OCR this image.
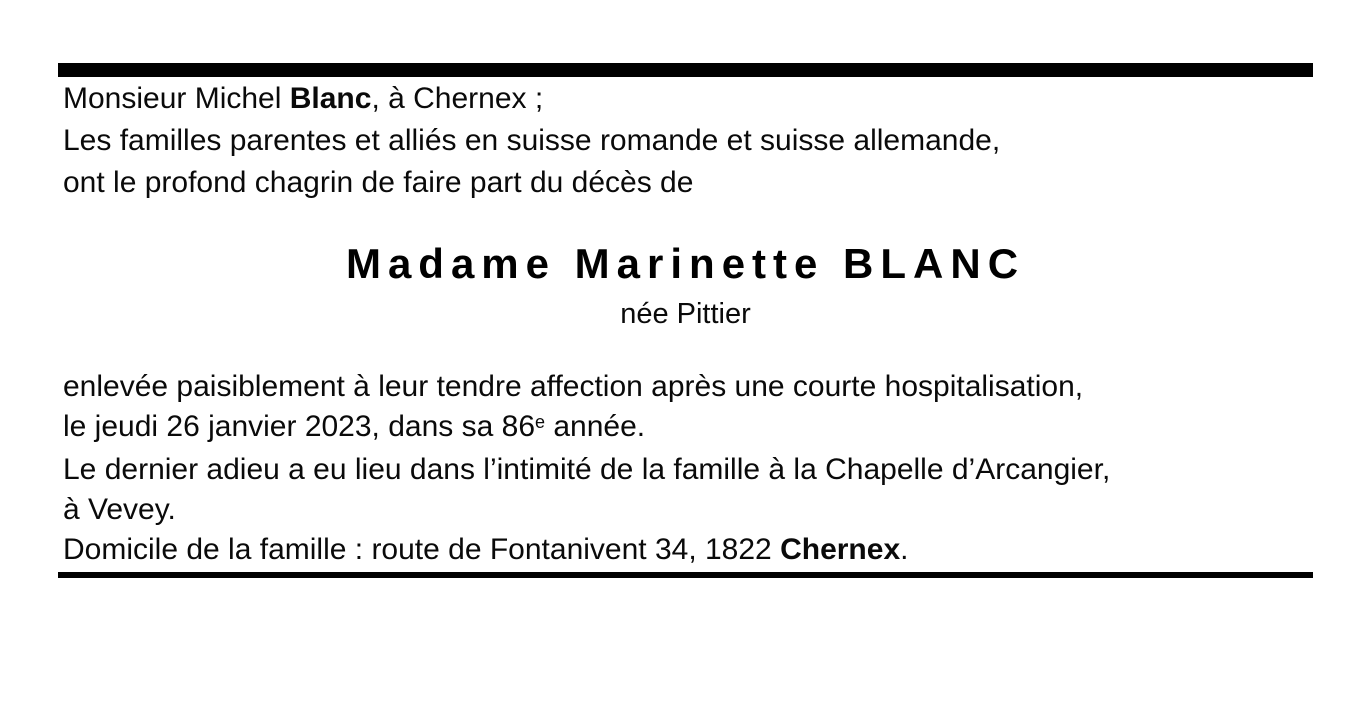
Monsieur Michel Blanc, à Chernex ;
Les familles parentes et alliés en suisse romande et suisse allemande,
ont le profond chagrin de faire part du décès de
Madame Marinette BLANC
née Pittier
enlevée paisiblement à leur tendre affection après une courte hospitalisation,
le jeudi 26 janvier 2023, dans sa 86e année.
Le dernier adieu a eu lieu dans l’intimité de la famille à la Chapelle d’Arcangier,
à Vevey.
Domicile de la famille : route de Fontanivent 34, 1822 Chernex.
